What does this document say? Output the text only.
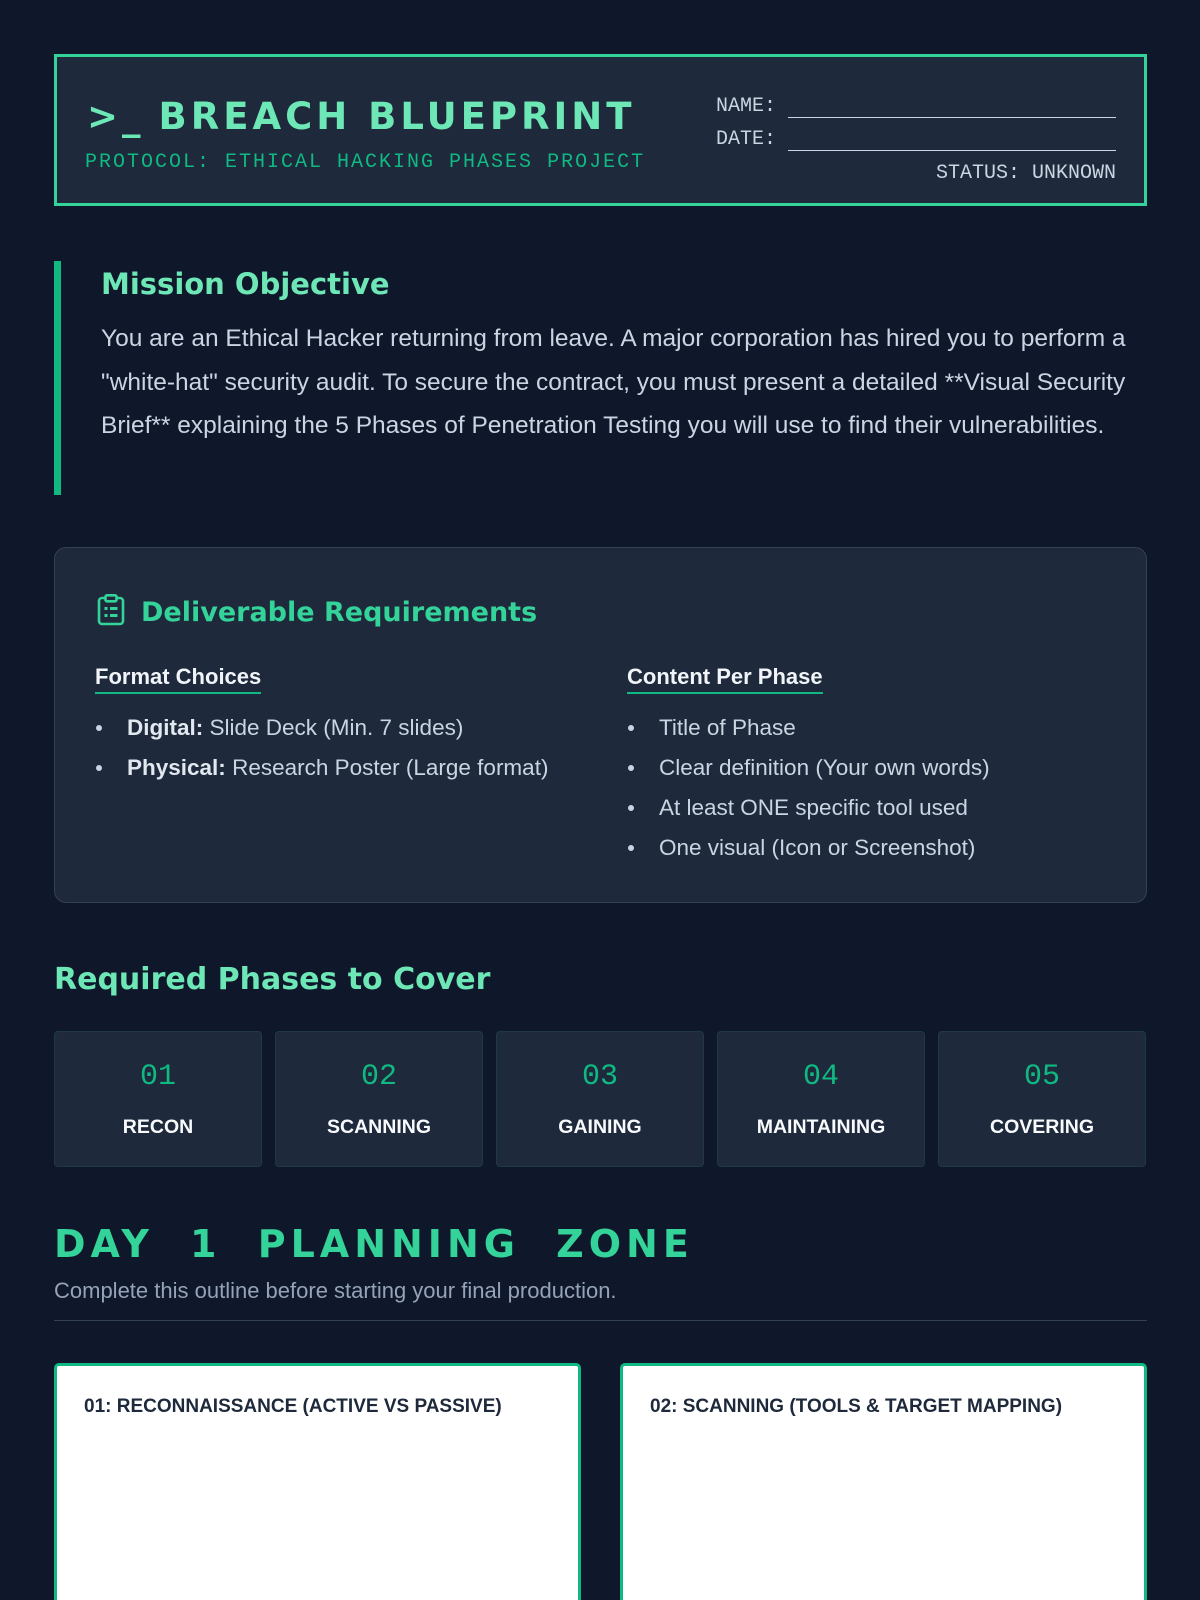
>_ BREACH BLUEPRINT
PROTOCOL: ETHICAL HACKING PHASES PROJECT
NAME:
DATE:
STATUS: UNKNOWN
Mission Objective

You are an Ethical Hacker returning from leave. A major corporation has hired you to perform a "white-hat" security audit. To secure the contract, you must present a detailed **Visual Security Brief** explaining the 5 Phases of Penetration Testing you will use to find their vulnerabilities.

Deliverable Requirements
Format Choices
Digital: Slide Deck (Min. 7 slides)
Physical: Research Poster (Large format)
Content Per Phase
Title of Phase
Clear definition (Your own words)
At least ONE specific tool used
One visual (Icon or Screenshot)
Required Phases to Cover
01
RECON
02
SCANNING
03
GAINING
04
MAINTAINING
05
COVERING
DAY 1 PLANNING ZONE
Complete this outline before starting your final production.
01: RECONNAISSANCE (ACTIVE VS PASSIVE)	02: SCANNING (TOOLS & TARGET MAPPING)
